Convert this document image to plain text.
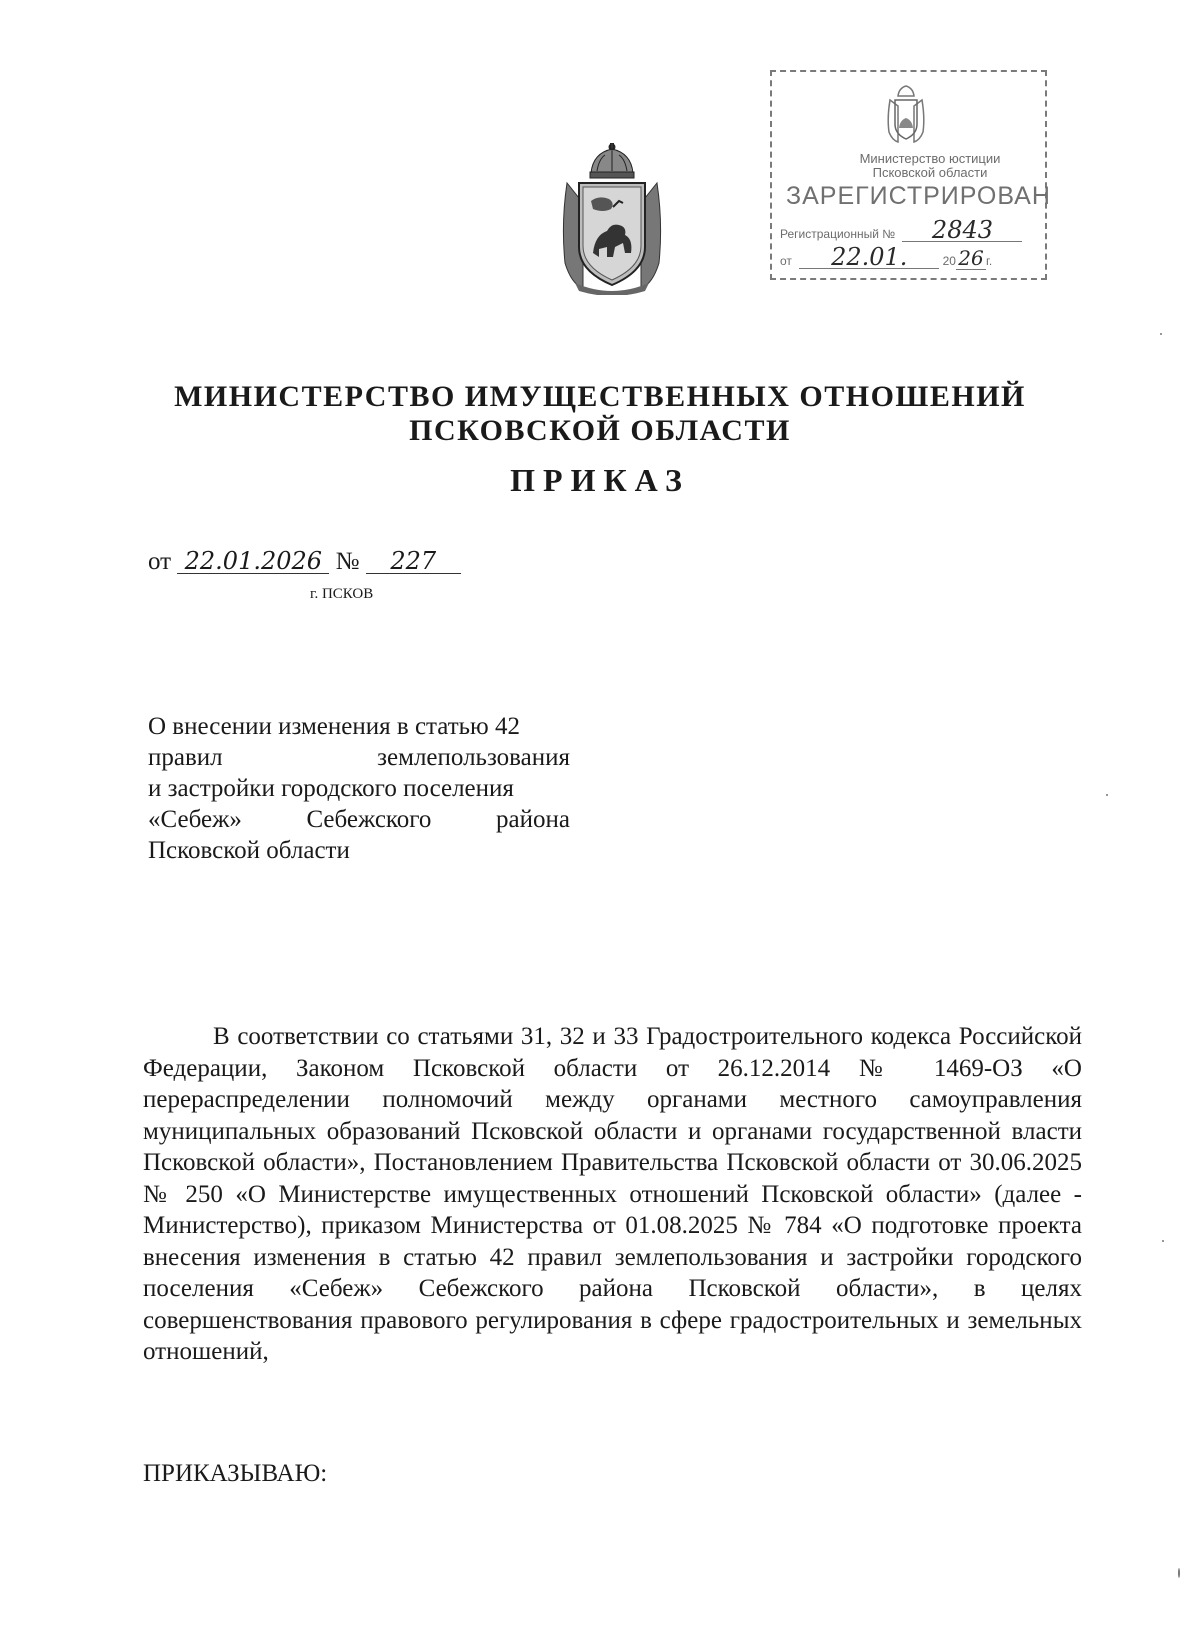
Министерство юстиции
Псковской области
ЗАРЕГИСТРИРОВАН
Регистрационный № 2843
от 22.01.	20 26 г.
МИНИСТЕРСТВО ИМУЩЕСТВЕННЫХ ОТНОШЕНИЙ
ПСКОВСКОЙ ОБЛАСТИ
ПРИКАЗ
от 22.01.2026 № 227
г. ПСКОВ
О внесении изменения в статью 42
правил землепользования
и застройки городского поселения
«Себеж» Себежского района
Псковской области

В соответствии со статьями 31, 32 и 33 Градостроительного кодекса Российской Федерации, Законом Псковской области от 26.12.2014 № 1469-ОЗ «О перераспределении полномочий между органами местного самоуправления муниципальных образований Псковской области и органами государственной власти Псковской области», Постановлением Правительства Псковской области от 30.06.2025 № 250 «О Министерстве имущественных отношений Псковской области» (далее - Министерство), приказом Министерства от 01.08.2025 № 784 «О подготовке проекта внесения изменения в статью 42 правил землепользования и застройки городского поселения «Себеж» Себежского района Псковской области», в целях совершенствования правового регулирования в сфере градостроительных и земельных отношений,

ПРИКАЗЫВАЮ:
